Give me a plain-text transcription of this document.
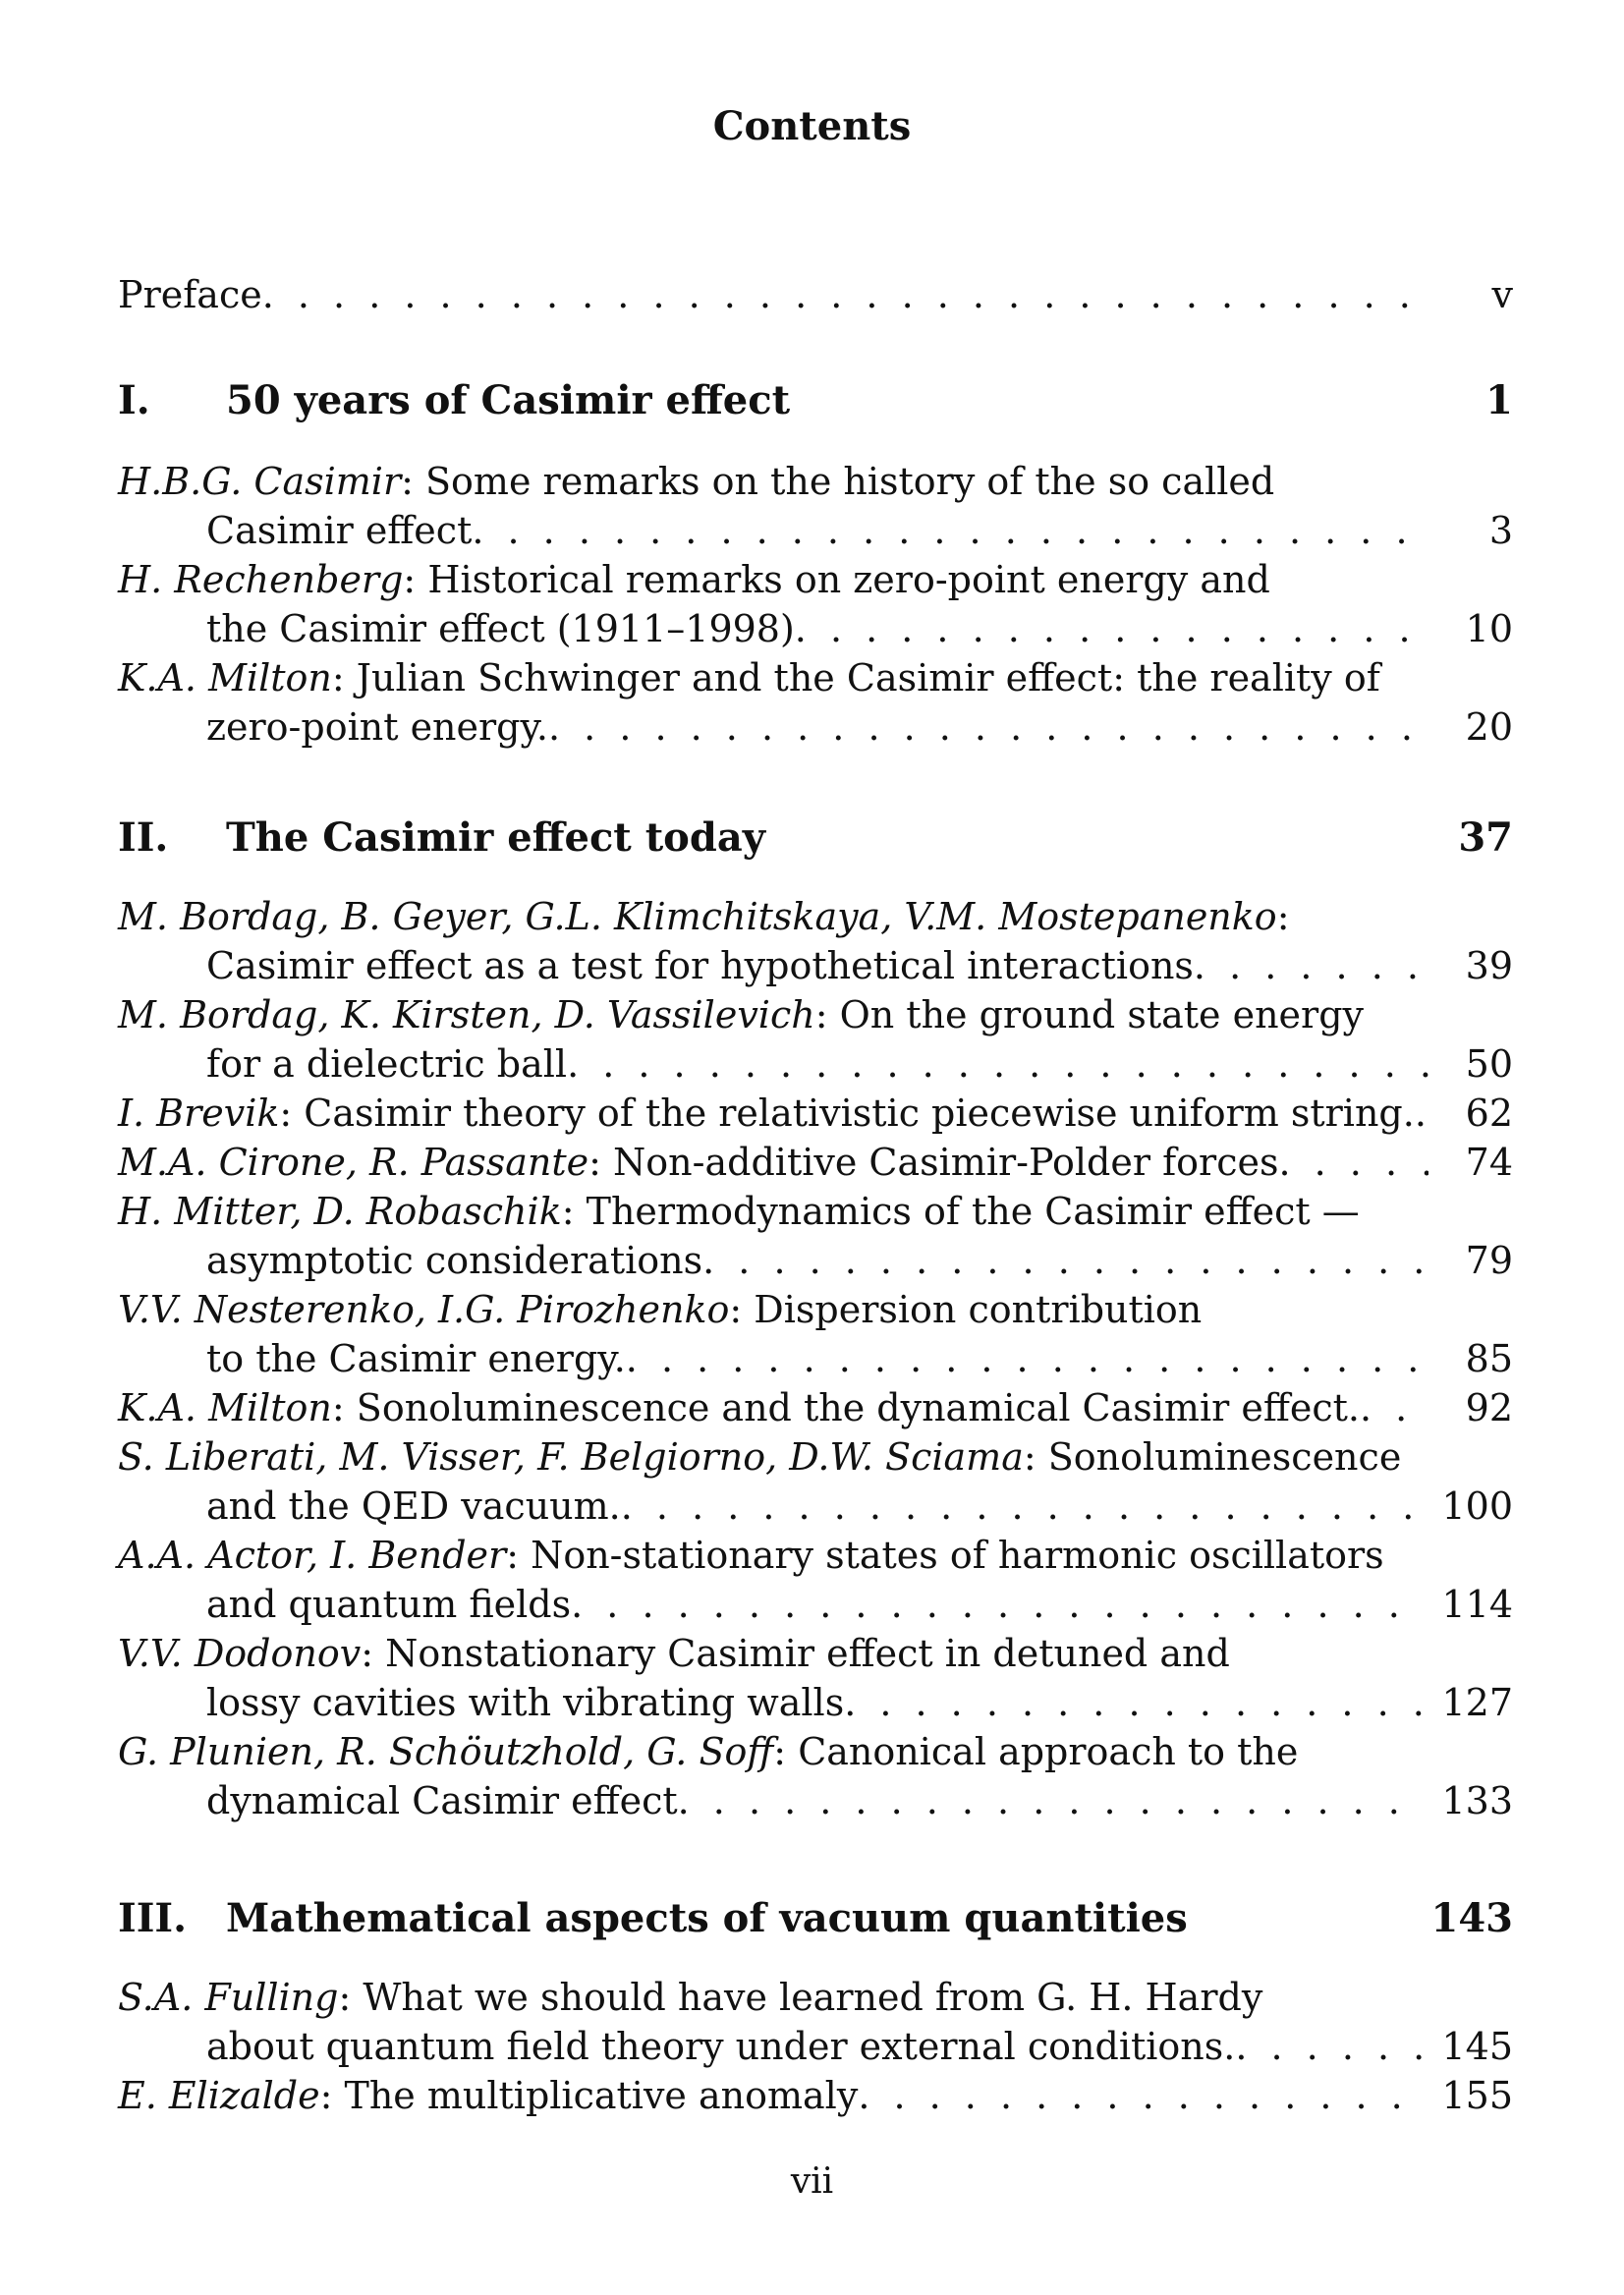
Contents
Preface . . .	v
I. 50 years of Casimir effect	1
H.B.G. Casimir: Some remarks on the history of the so called
Casimir effect . . .	3
H. Rechenberg: Historical remarks on zero-point energy and
the Casimir effect (1911–1998) . . .	10
K.A. Milton: Julian Schwinger and the Casimir effect: the reality of
zero-point energy. . . .	20
II. The Casimir effect today	37
M. Bordag, B. Geyer, G.L. Klimchitskaya, V.M. Mostepanenko:
Casimir effect as a test for hypothetical interactions . . .	39
M. Bordag, K. Kirsten, D. Vassilevich: On the ground state energy
for a dielectric ball . . .	50
I. Brevik: Casimir theory of the relativistic piecewise uniform string. . . .	62
M.A. Cirone, R. Passante: Non-additive Casimir-Polder forces . . .	74
H. Mitter, D. Robaschik: Thermodynamics of the Casimir effect —
asymptotic considerations . . .	79
V.V. Nesterenko, I.G. Pirozhenko: Dispersion contribution
to the Casimir energy. . . .	85
K.A. Milton: Sonoluminescence and the dynamical Casimir effect. . . .	92
S. Liberati, M. Visser, F. Belgiorno, D.W. Sciama: Sonoluminescence
and the QED vacuum. . . .	100
A.A. Actor, I. Bender: Non-stationary states of harmonic oscillators
and quantum fields . . .	114
V.V. Dodonov: Nonstationary Casimir effect in detuned and
lossy cavities with vibrating walls . . .	127
G. Plunien, R. Schöutzhold, G. Soff: Canonical approach to the
dynamical Casimir effect . . .	133
III. Mathematical aspects of vacuum quantities	143
S.A. Fulling: What we should have learned from G. H. Hardy
about quantum field theory under external conditions. . . .	145
E. Elizalde: The multiplicative anomaly . . .	155
vii
